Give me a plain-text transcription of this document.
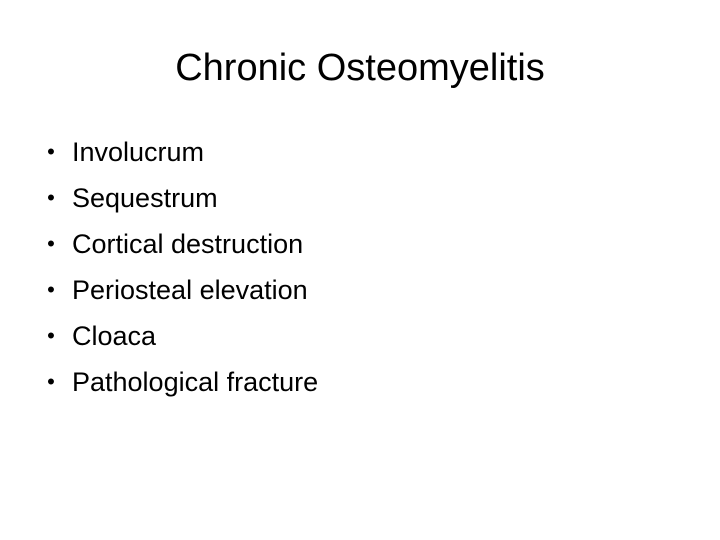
Chronic Osteomyelitis
• Involucrum
• Sequestrum
• Cortical destruction
• Periosteal elevation
• Cloaca
• Pathological fracture
